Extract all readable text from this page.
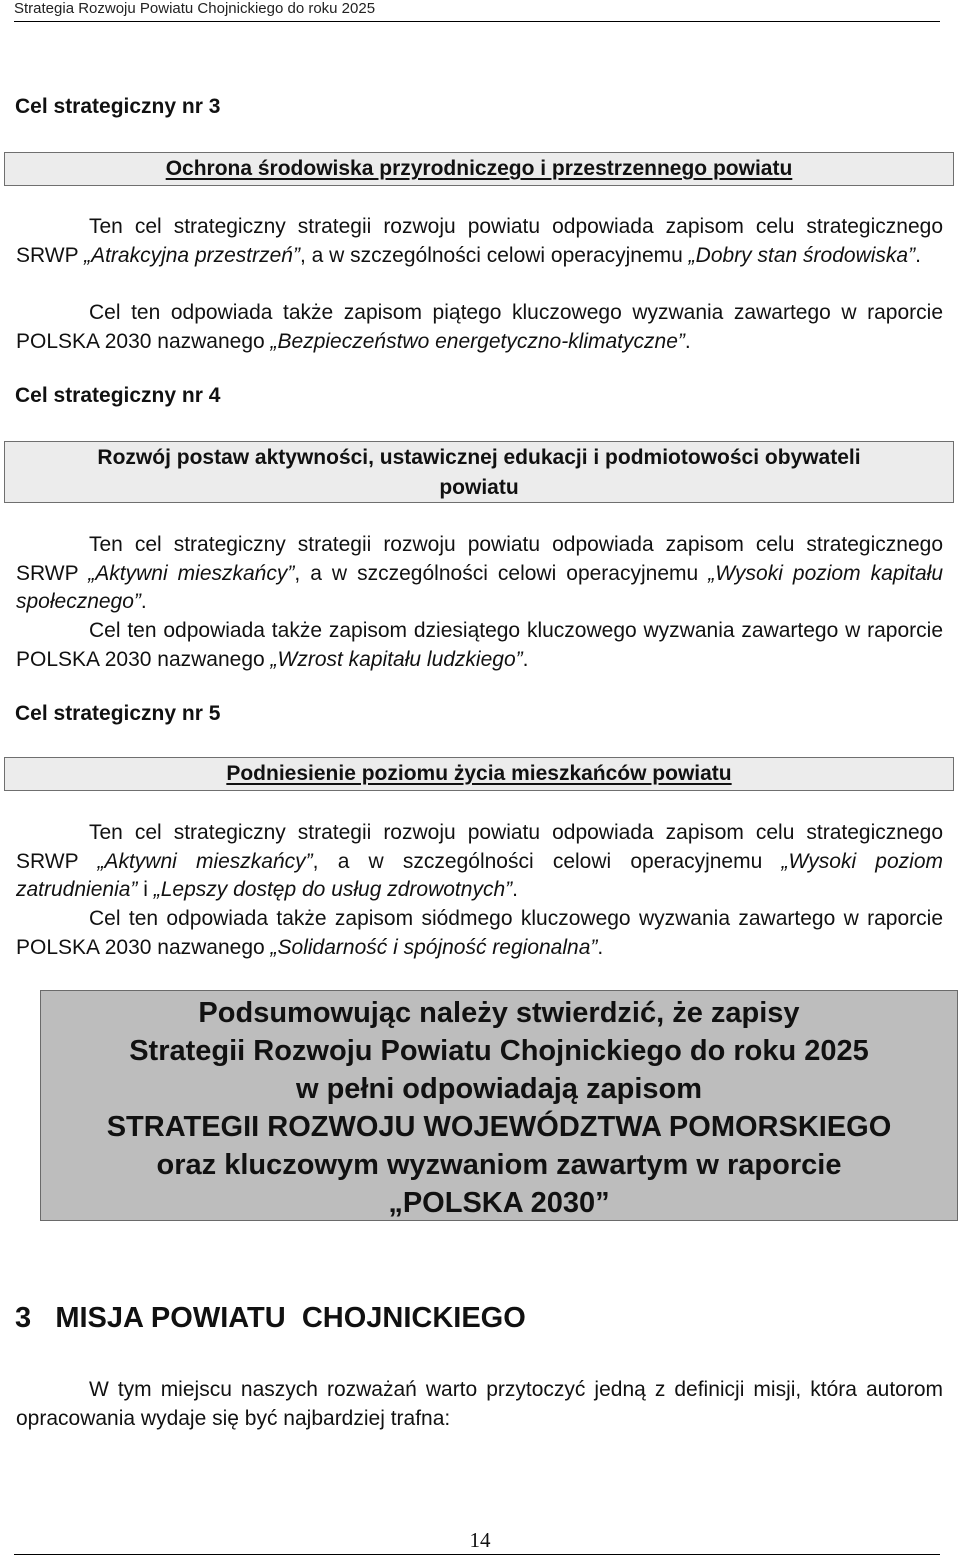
Strategia Rozwoju Powiatu Chojnickiego do roku 2025
Cel strategiczny nr 3
Ochrona środowiska przyrodniczego i przestrzennego powiatu

Ten cel strategiczny strategii rozwoju powiatu odpowiada zapisom celu strategicznego SRWP „Atrakcyjna przestrzeń”, a w szczególności celowi operacyjnemu „Dobry stan środowiska”.

Cel ten odpowiada także zapisom piątego kluczowego wyzwania zawartego w raporcie POLSKA 2030 nazwanego „Bezpieczeństwo energetyczno-klimatyczne”.

Cel strategiczny nr 4
Rozwój postaw aktywności, ustawicznej edukacji i podmiotowości obywateli
powiatu

Ten cel strategiczny strategii rozwoju powiatu odpowiada zapisom celu strategicznego SRWP „Aktywni mieszkańcy”, a w szczególności celowi operacyjnemu „Wysoki poziom kapitału społecznego”.

Cel ten odpowiada także zapisom dziesiątego kluczowego wyzwania zawartego w raporcie POLSKA 2030 nazwanego „Wzrost kapitału ludzkiego”.

Cel strategiczny nr 5
Podniesienie poziomu życia mieszkańców powiatu

Ten cel strategiczny strategii rozwoju powiatu odpowiada zapisom celu strategicznego SRWP „Aktywni mieszkańcy”, a w szczególności celowi operacyjnemu „Wysoki poziom zatrudnienia” i „Lepszy dostęp do usług zdrowotnych”.

Cel ten odpowiada także zapisom siódmego kluczowego wyzwania zawartego w raporcie POLSKA 2030 nazwanego „Solidarność i spójność regionalna”.

Podsumowując należy stwierdzić, że zapisy
Strategii Rozwoju Powiatu Chojnickiego do roku 2025
w pełni odpowiadają zapisom
STRATEGII ROZWOJU WOJEWÓDZTWA POMORSKIEGO
oraz kluczowym wyzwaniom zawartym w raporcie
„POLSKA 2030”
3 MISJA POWIATU  CHOJNICKIEGO

W tym miejscu naszych rozważań warto przytoczyć jedną z definicji misji, która autorom opracowania wydaje się być najbardziej trafna:

14
